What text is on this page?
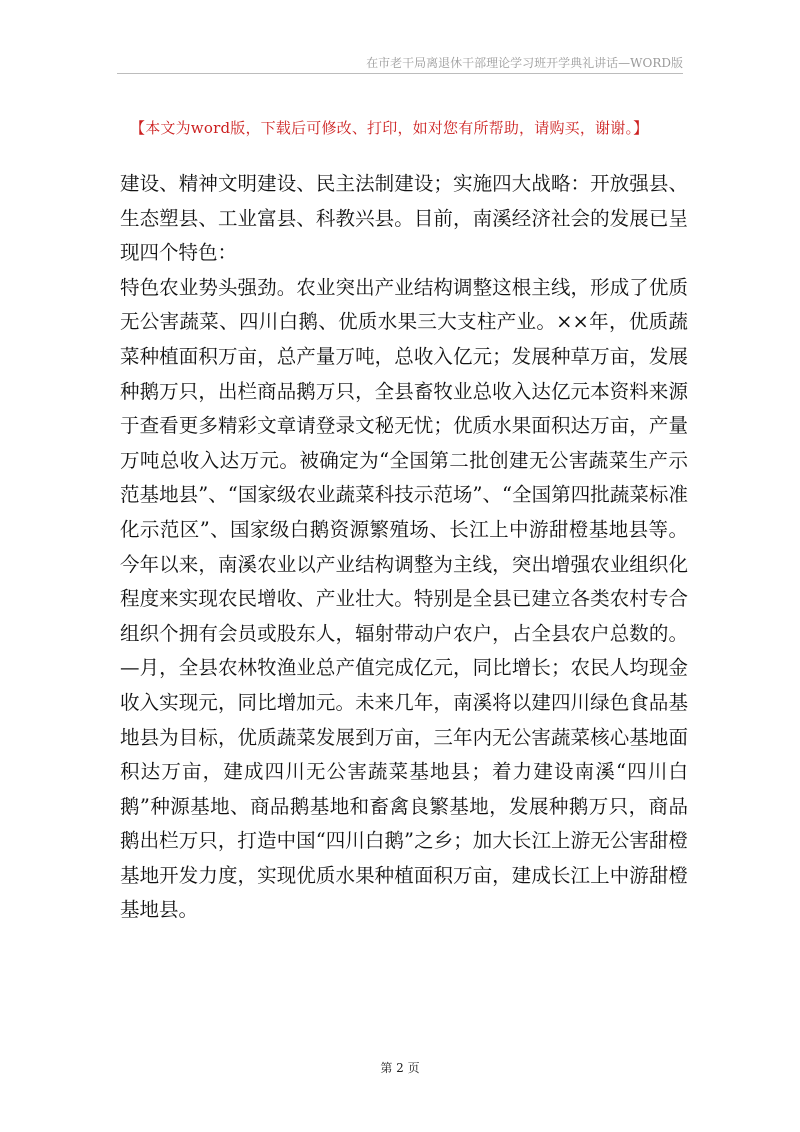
在市老干局离退休干部理论学习班开学典礼讲话—WORD版
【本文为word版，下载后可修改、打印，如对您有所帮助，请购买，谢谢。】

建设、精神文明建设、民主法制建设；实施四大战略：开放强县、生态塑县、工业富县、科教兴县。目前，南溪经济社会的发展已呈现四个特色：

特色农业势头强劲。农业突出产业结构调整这根主线，形成了优质无公害蔬菜、四川白鹅、优质水果三大支柱产业。××年，优质蔬菜种植面积万亩，总产量万吨，总收入亿元；发展种草万亩，发展种鹅万只，出栏商品鹅万只，全县畜牧业总收入达亿元本资料来源于查看更多精彩文章请登录文秘无忧；优质水果面积达万亩，产量万吨总收入达万元。被确定为“全国第二批创建无公害蔬菜生产示范基地县”、“国家级农业蔬菜科技示范场”、“全国第四批蔬菜标准化示范区”、国家级白鹅资源繁殖场、长江上中游甜橙基地县等。今年以来，南溪农业以产业结构调整为主线，突出增强农业组织化程度来实现农民增收、产业壮大。特别是全县已建立各类农村专合组织个拥有会员或股东人，辐射带动户农户，占全县农户总数的。—月，全县农林牧渔业总产值完成亿元，同比增长；农民人均现金收入实现元，同比增加元。未来几年，南溪将以建四川绿色食品基地县为目标，优质蔬菜发展到万亩，三年内无公害蔬菜核心基地面积达万亩，建成四川无公害蔬菜基地县；着力建设南溪“四川白鹅”种源基地、商品鹅基地和畜禽良繁基地，发展种鹅万只，商品鹅出栏万只，打造中国“四川白鹅”之乡；加大长江上游无公害甜橙基地开发力度，实现优质水果种植面积万亩，建成长江上中游甜橙基地县。

第 2 页
